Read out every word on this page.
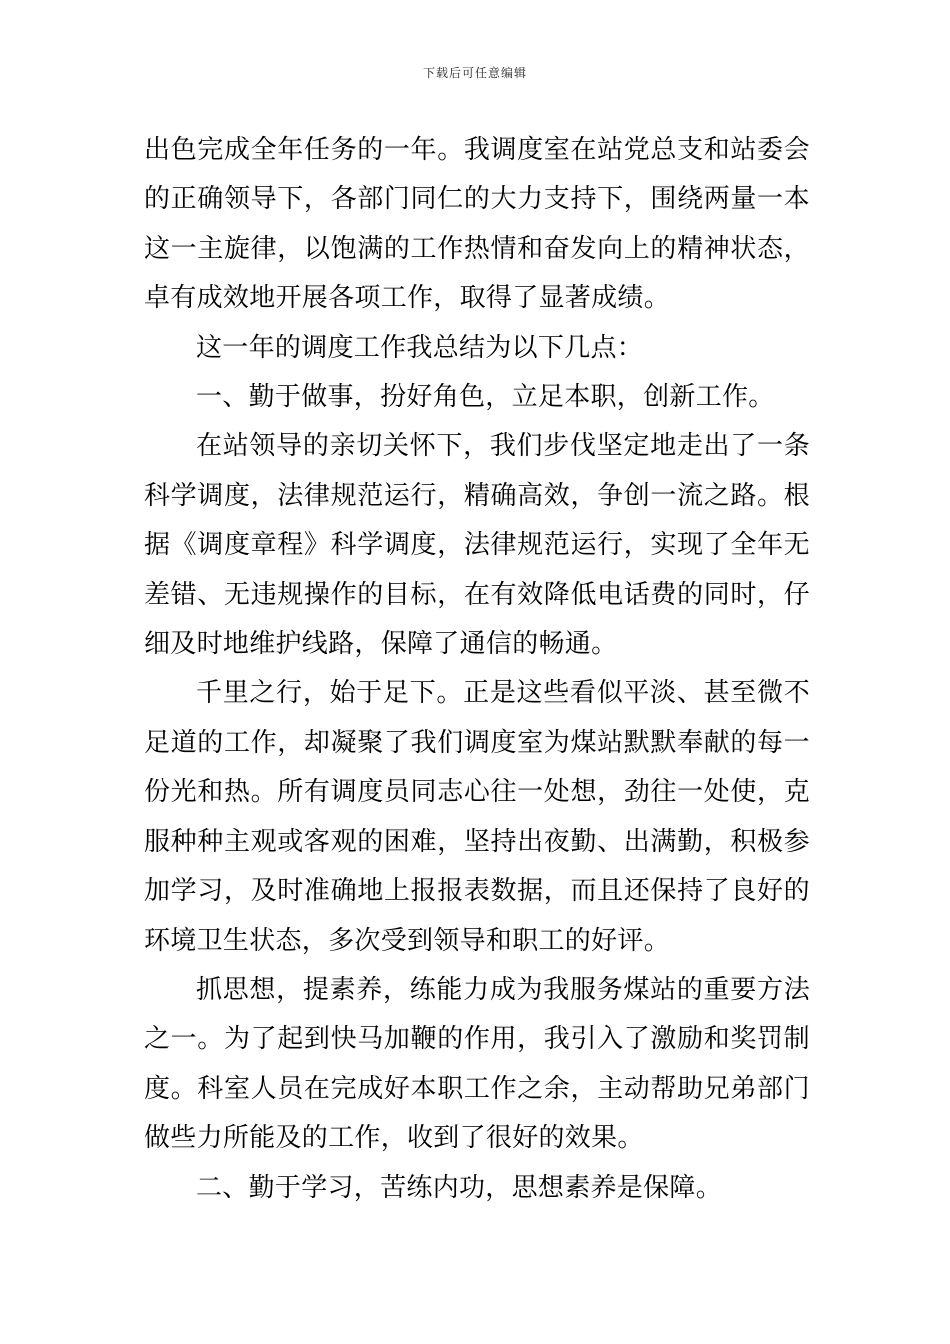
下载后可任意编辑

出色完成全年任务的一年。我调度室在站党总支和站委会的正确领导下，各部门同仁的大力支持下，围绕两量一本这一主旋律，以饱满的工作热情和奋发向上的精神状态，卓有成效地开展各项工作，取得了显著成绩。

这一年的调度工作我总结为以下几点：

一、勤于做事，扮好角色，立足本职，创新工作。

在站领导的亲切关怀下，我们步伐坚定地走出了一条科学调度，法律规范运行，精确高效，争创一流之路。根据《调度章程》科学调度，法律规范运行，实现了全年无差错、无违规操作的目标，在有效降低电话费的同时，仔细及时地维护线路，保障了通信的畅通。

千里之行，始于足下。正是这些看似平淡、甚至微不足道的工作，却凝聚了我们调度室为煤站默默奉献的每一份光和热。所有调度员同志心往一处想，劲往一处使，克服种种主观或客观的困难，坚持出夜勤、出满勤，积极参加学习，及时准确地上报报表数据，而且还保持了良好的环境卫生状态，多次受到领导和职工的好评。

抓思想，提素养，练能力成为我服务煤站的重要方法之一。为了起到快马加鞭的作用，我引入了激励和奖罚制度。科室人员在完成好本职工作之余，主动帮助兄弟部门做些力所能及的工作，收到了很好的效果。

二、勤于学习，苦练内功，思想素养是保障。
